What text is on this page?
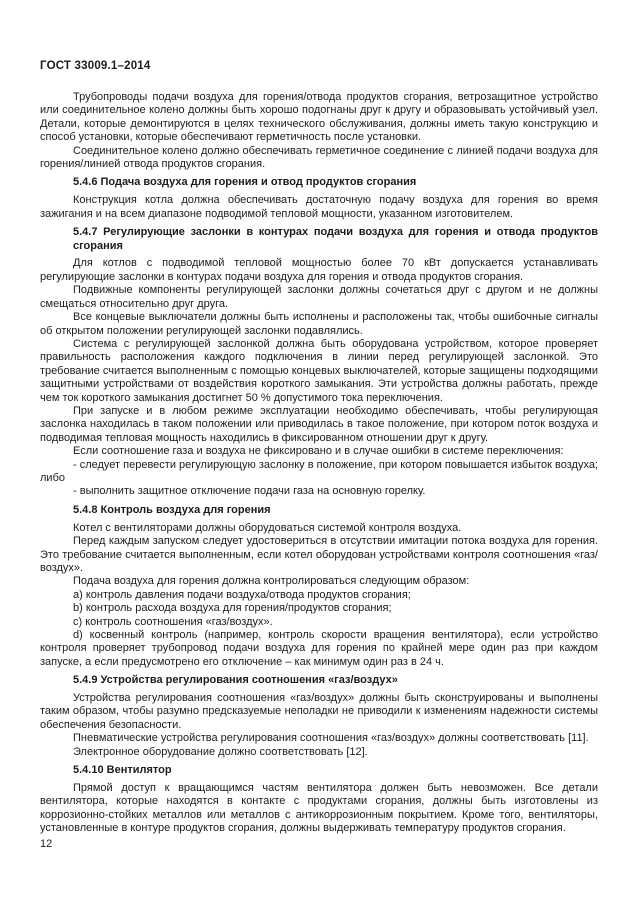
ГОСТ 33009.1–2014

Трубопроводы подачи воздуха для горения/отвода продуктов сгорания, ветрозащитное устройство или соединительное колено должны быть хорошо подогнаны друг к другу и образовывать устойчивый узел. Детали, которые демонтируются в целях технического обслуживания, должны иметь такую конструкцию и способ установки, которые обеспечивают герметичность после установки.

Соединительное колено должно обеспечивать герметичное соединение с линией подачи воздуха для горения/линией отвода продуктов сгорания.

5.4.6 Подача воздуха для горения и отвод продуктов сгорания

Конструкция котла должна обеспечивать достаточную подачу воздуха для горения во время зажигания и на всем диапазоне подводимой тепловой мощности, указанном изготовителем.

5.4.7 Регулирующие заслонки в контурах подачи воздуха для горения и отвода продуктов сгорания

Для котлов с подводимой тепловой мощностью более 70 кВт допускается устанавливать регулирующие заслонки в контурах подачи воздуха для горения и отвода продуктов сгорания.

Подвижные компоненты регулирующей заслонки должны сочетаться друг с другом и не должны смещаться относительно друг друга.

Все концевые выключатели должны быть исполнены и расположены так, чтобы ошибочные сигналы об открытом положении регулирующей заслонки подавлялись.

Система с регулирующей заслонкой должна быть оборудована устройством, которое проверяет правильность расположения каждого подключения в линии перед регулирующей заслонкой. Это требование считается выполненным с помощью концевых выключателей, которые защищены подходящими защитными устройствами от воздействия короткого замыкания. Эти устройства должны работать, прежде чем ток короткого замыкания достигнет 50 % допустимого тока переключения.

При запуске и в любом режиме эксплуатации необходимо обеспечивать, чтобы регулирующая заслонка находилась в таком положении или приводилась в такое положение, при котором поток воздуха и подводимая тепловая мощность находились в фиксированном отношении друг к другу.

Если соотношение газа и воздуха не фиксировано и в случае ошибки в системе переключения:

- следует перевести регулирующую заслонку в положение, при котором повышается избыток воздуха; либо

- выполнить защитное отключение подачи газа на основную горелку.

5.4.8 Контроль воздуха для горения

Котел с вентиляторами должны оборудоваться системой контроля воздуха.

Перед каждым запуском следует удостовериться в отсутствии имитации потока воздуха для горения. Это требование считается выполненным, если котел оборудован устройствами контроля соотношения «газ/воздух».

Подача воздуха для горения должна контролироваться следующим образом:

a) контроль давления подачи воздуха/отвода продуктов сгорания;

b) контроль расхода воздуха для горения/продуктов сгорания;

c) контроль соотношения «газ/воздух».

d) косвенный контроль (например, контроль скорости вращения вентилятора), если устройство контроля проверяет трубопровод подачи воздуха для горения по крайней мере один раз при каждом запуске, а если предусмотрено его отключение – как минимум один раз в 24 ч.

5.4.9 Устройства регулирования соотношения «газ/воздух»

Устройства регулирования соотношения «газ/воздух» должны быть сконструированы и выполнены таким образом, чтобы разумно предсказуемые неполадки не приводили к изменениям надежности системы обеспечения безопасности.

Пневматические устройства регулирования соотношения «газ/воздух» должны соответствовать [11].

Электронное оборудование должно соответствовать [12].

5.4.10 Вентилятор

Прямой доступ к вращающимся частям вентилятора должен быть невозможен. Все детали вентилятора, которые находятся в контакте с продуктами сгорания, должны быть изготовлены из коррозионно-стойких металлов или металлов с антикоррозионным покрытием. Кроме того, вентиляторы, установленные в контуре продуктов сгорания, должны выдерживать температуру продуктов сгорания.

12
